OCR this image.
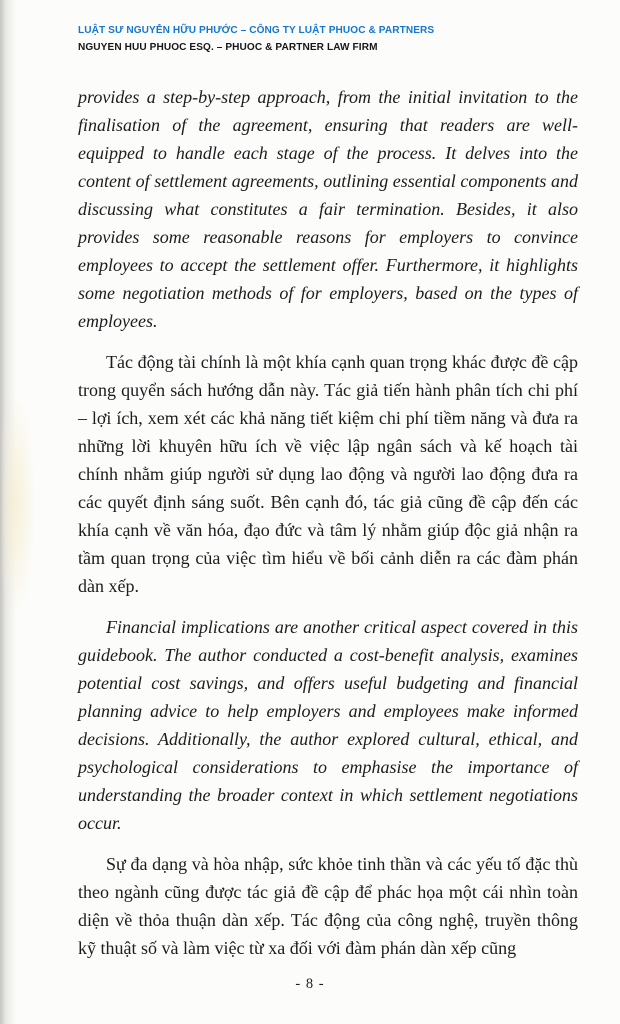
LUẬT SƯ NGUYỄN HỮU PHƯỚC – CÔNG TY LUẬT PHUOC & PARTNERS
NGUYEN HUU PHUOC ESQ. – PHUOC & PARTNER LAW FIRM

provides a step-by-step approach, from the initial invitation to the finalisation of the agreement, ensuring that readers are well-equipped to handle each stage of the process. It delves into the content of settlement agreements, outlining essential components and discussing what constitutes a fair termination. Besides, it also provides some reasonable reasons for employers to convince employees to accept the settlement offer. Furthermore, it highlights some negotiation methods of for employers, based on the types of employees.

Tác động tài chính là một khía cạnh quan trọng khác được đề cập trong quyển sách hướng dẫn này. Tác giả tiến hành phân tích chi phí – lợi ích, xem xét các khả năng tiết kiệm chi phí tiềm năng và đưa ra những lời khuyên hữu ích về việc lập ngân sách và kế hoạch tài chính nhằm giúp người sử dụng lao động và người lao động đưa ra các quyết định sáng suốt. Bên cạnh đó, tác giả cũng đề cập đến các khía cạnh về văn hóa, đạo đức và tâm lý nhằm giúp độc giả nhận ra tầm quan trọng của việc tìm hiểu về bối cảnh diễn ra các đàm phán dàn xếp.

Financial implications are another critical aspect covered in this guidebook. The author conducted a cost-benefit analysis, examines potential cost savings, and offers useful budgeting and financial planning advice to help employers and employees make informed decisions. Additionally, the author explored cultural, ethical, and psychological considerations to emphasise the importance of understanding the broader context in which settlement negotiations occur.

Sự đa dạng và hòa nhập, sức khỏe tinh thần và các yếu tố đặc thù theo ngành cũng được tác giả đề cập để phác họa một cái nhìn toàn diện về thỏa thuận dàn xếp. Tác động của công nghệ, truyền thông kỹ thuật số và làm việc từ xa đối với đàm phán dàn xếp cũng

- 8 -
